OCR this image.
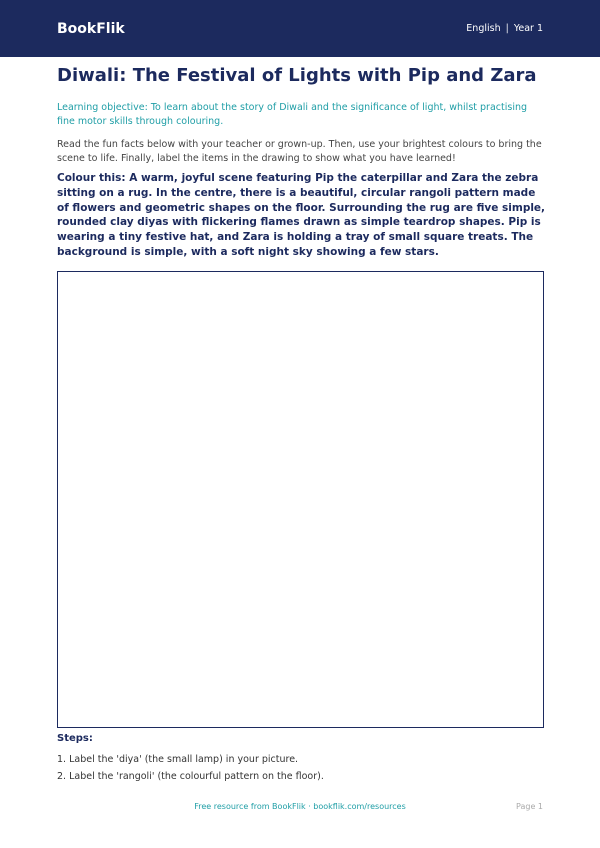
BookFlik	English | Year 1
Diwali: The Festival of Lights with Pip and Zara

Learning objective: To learn about the story of Diwali and the significance of light, whilst practising fine motor skills through colouring.

Read the fun facts below with your teacher or grown-up. Then, use your brightest colours to bring the scene to life. Finally, label the items in the drawing to show what you have learned!

Colour this: A warm, joyful scene featuring Pip the caterpillar and Zara the zebra sitting on a rug. In the centre, there is a beautiful, circular rangoli pattern made of flowers and geometric shapes on the floor. Surrounding the rug are five simple, rounded clay diyas with flickering flames drawn as simple teardrop shapes. Pip is wearing a tiny festive hat, and Zara is holding a tray of small square treats. The background is simple, with a soft night sky showing a few stars.

Steps:
1. Label the 'diya' (the small lamp) in your picture.
2. Label the 'rangoli' (the colourful pattern on the floor).
Free resource from BookFlik · bookflik.com/resources	Page 1
